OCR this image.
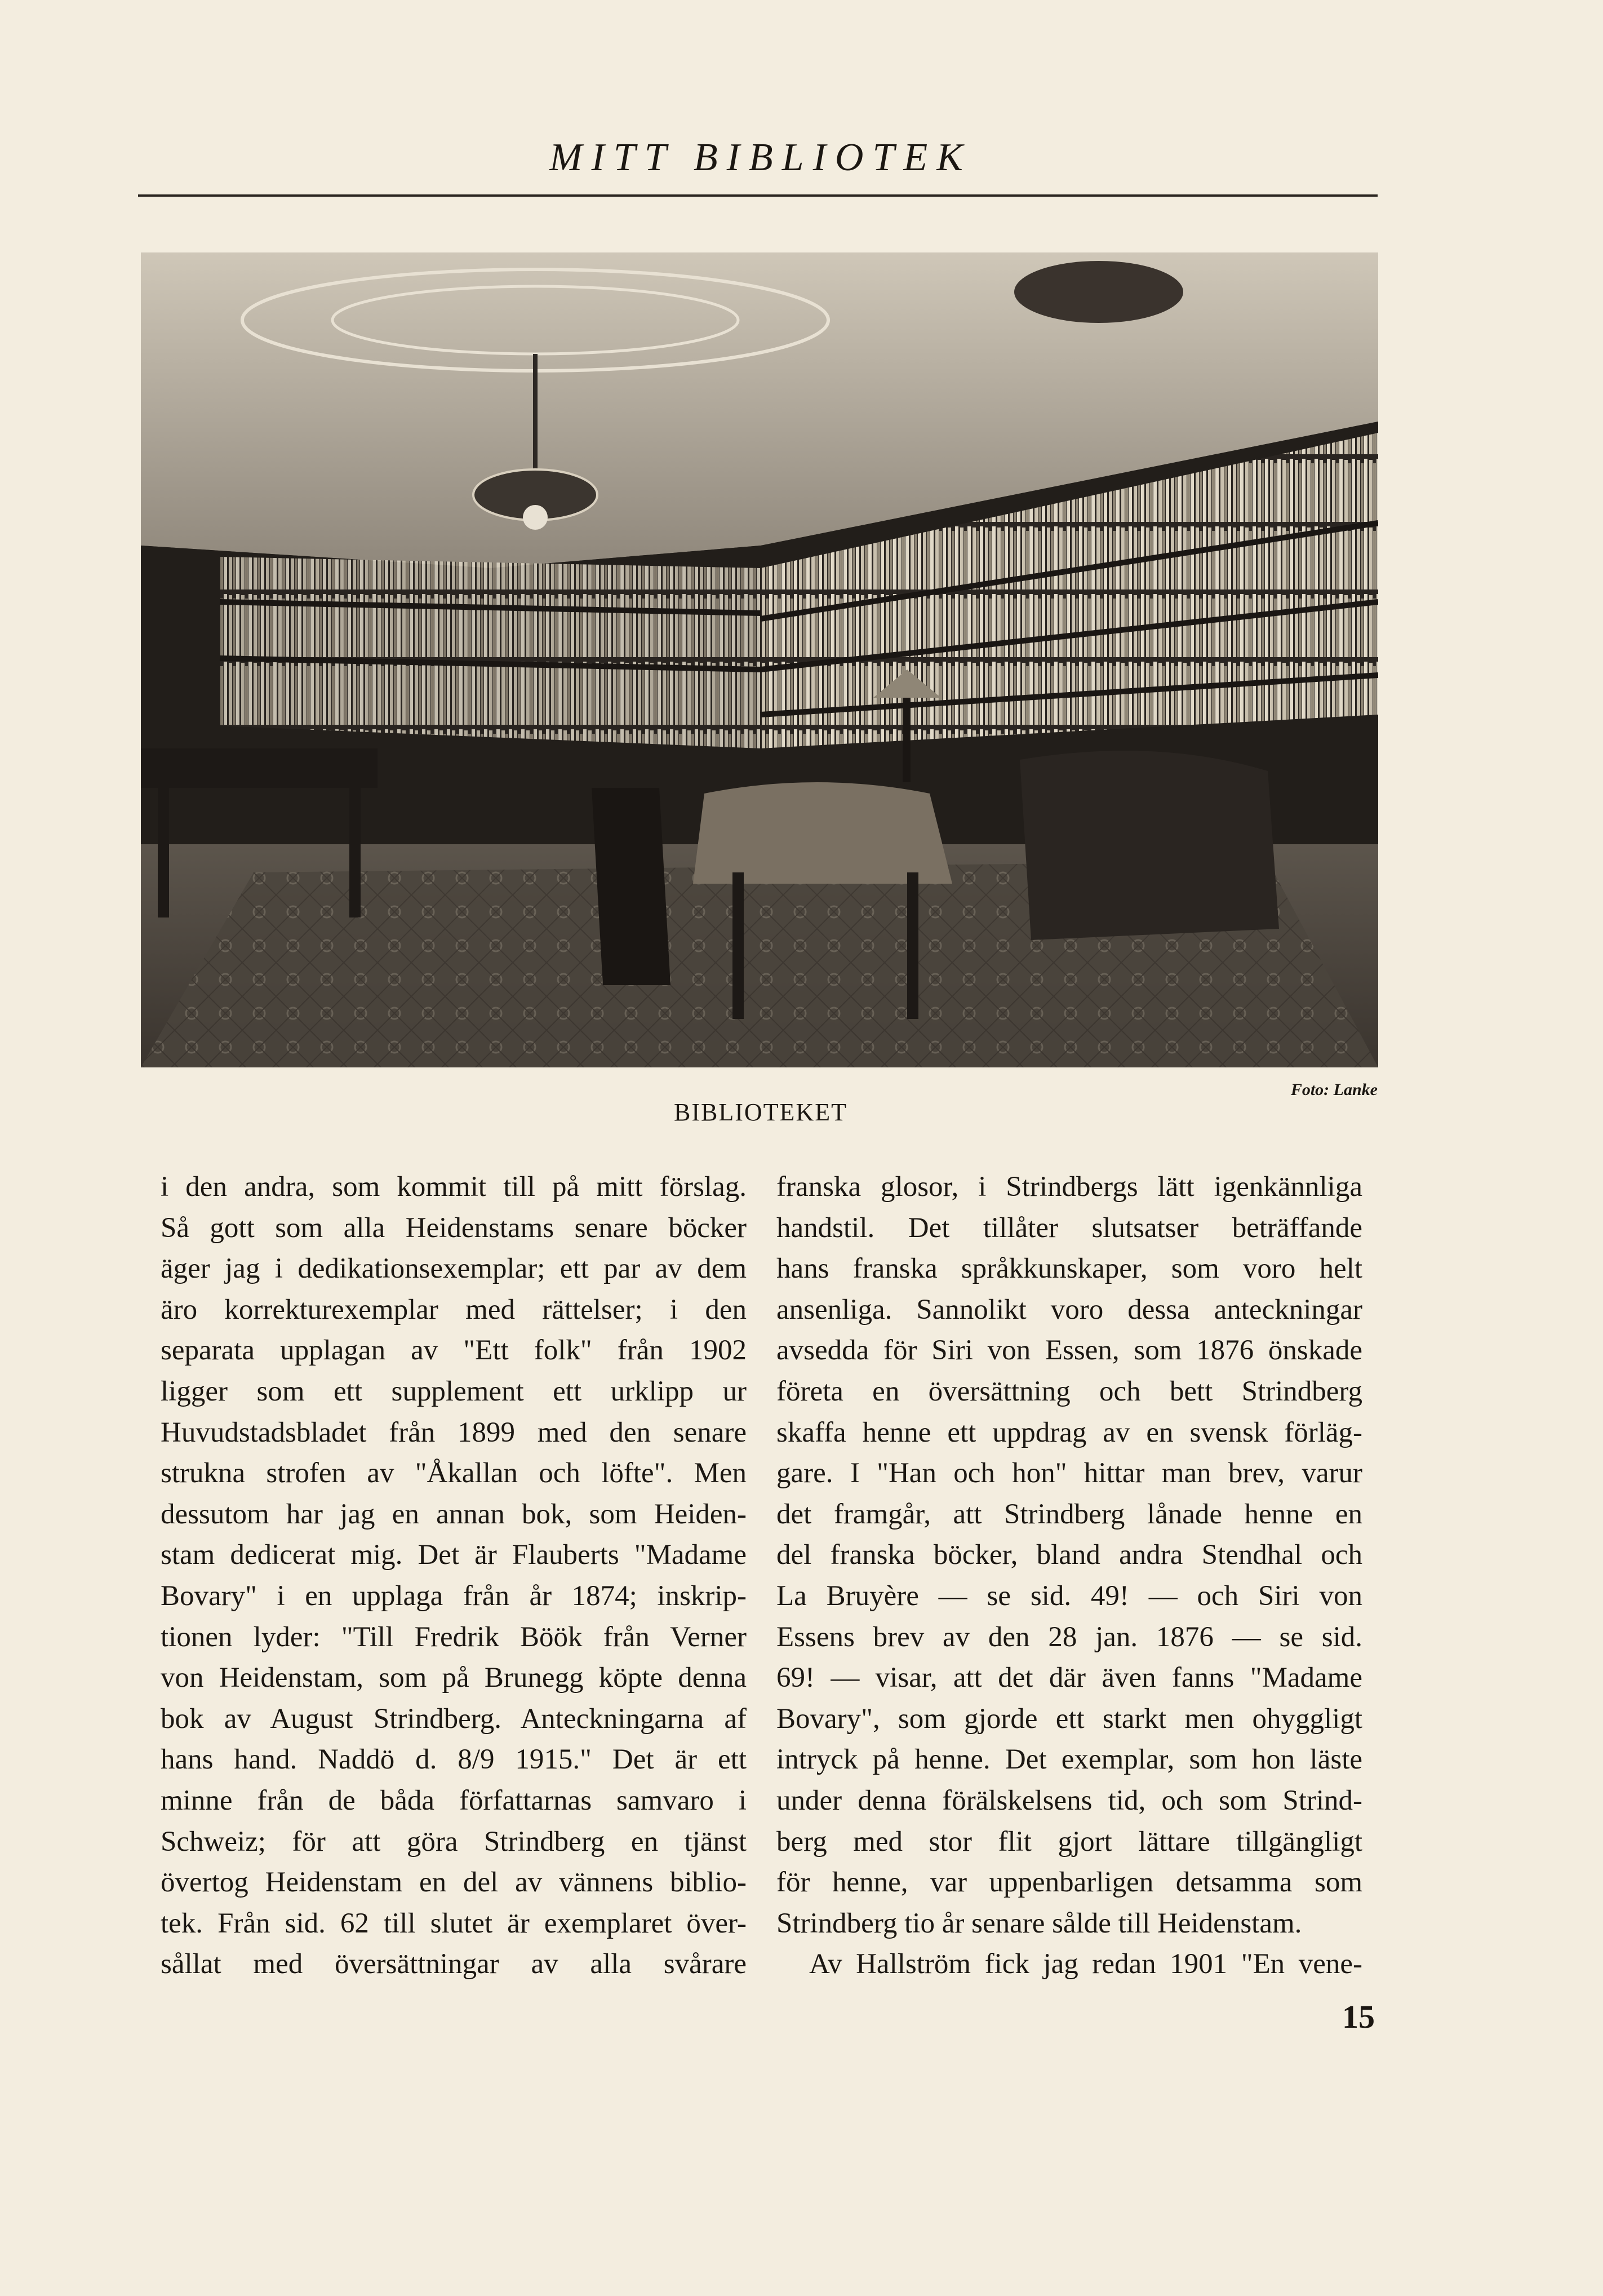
MITT BIBLIOTEK
Foto: Lanke
BIBLIOTEKET
i den andra, som kommit till på mitt förslag.
Så gott som alla Heidenstams senare böcker
äger jag i dedikationsexemplar; ett par av dem
äro korrekturexemplar med rättelser; i den
separata upplagan av "Ett folk" från 1902
ligger som ett supplement ett urklipp ur
Huvudstadsbladet från 1899 med den senare
strukna strofen av "Åkallan och löfte". Men
dessutom har jag en annan bok, som Heiden-
stam dedicerat mig. Det är Flauberts "Madame
Bovary" i en upplaga från år 1874; inskrip-
tionen lyder: "Till Fredrik Böök från Verner
von Heidenstam, som på Brunegg köpte denna
bok av August Strindberg. Anteckningarna af
hans hand. Naddö d. 8/9 1915." Det är ett
minne från de båda författarnas samvaro i
Schweiz; för att göra Strindberg en tjänst
övertog Heidenstam en del av vännens biblio-
tek. Från sid. 62 till slutet är exemplaret över-
sållat med översättningar av alla svårare
franska glosor, i Strindbergs lätt igenkännliga
handstil. Det tillåter slutsatser beträffande
hans franska språkkunskaper, som voro helt
ansenliga. Sannolikt voro dessa anteckningar
avsedda för Siri von Essen, som 1876 önskade
företa en översättning och bett Strindberg
skaffa henne ett uppdrag av en svensk förläg-
gare. I "Han och hon" hittar man brev, varur
det framgår, att Strindberg lånade henne en
del franska böcker, bland andra Stendhal och
La Bruyère — se sid. 49! — och Siri von
Essens brev av den 28 jan. 1876 — se sid.
69! — visar, att det där även fanns "Madame
Bovary", som gjorde ett starkt men ohyggligt
intryck på henne. Det exemplar, som hon läste
under denna förälskelsens tid, och som Strind-
berg med stor flit gjort lättare tillgängligt
för henne, var uppenbarligen detsamma som
Strindberg tio år senare sålde till Heidenstam.
Av Hallström fick jag redan 1901 "En vene-
15
